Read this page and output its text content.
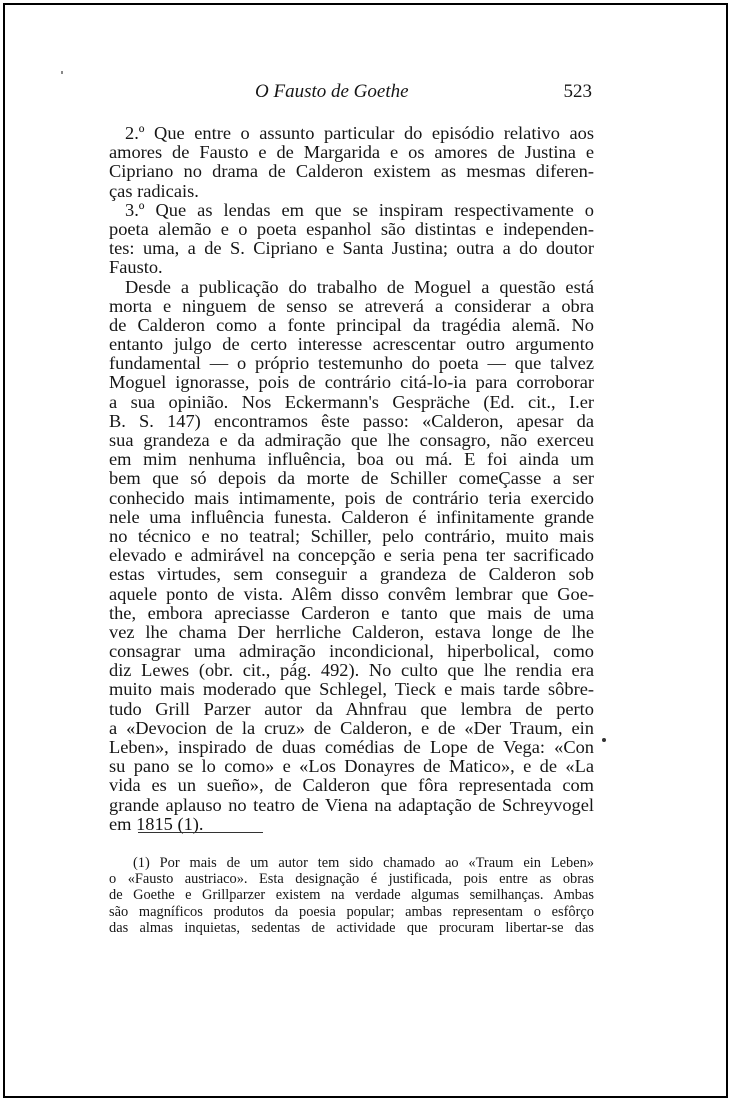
O Fausto de Goethe	523
2.º Que entre o assunto particular do episódio relativo aos
amores de Fausto e de Margarida e os amores de Justina e
Cipriano no drama de Calderon existem as mesmas diferen-
ças radicais.
3.º Que as lendas em que se inspiram respectivamente o
poeta alemão e o poeta espanhol são distintas e independen-
tes: uma, a de S. Cipriano e Santa Justina; outra a do doutor
Fausto.
Desde a publicação do trabalho de Moguel a questão está
morta e ninguem de senso se atreverá a considerar a obra
de Calderon como a fonte principal da tragédia alemã. No
entanto julgo de certo interesse acrescentar outro argumento
fundamental — o próprio testemunho do poeta — que talvez
Moguel ignorasse, pois de contrário citá-lo-ia para corroborar
a sua opinião. Nos Eckermann's Gespräche (Ed. cit., I.er
B. S. 147) encontramos êste passo: «Calderon, apesar da
sua grandeza e da admiração que lhe consagro, não exerceu
em mim nenhuma influência, boa ou má. E foi ainda um
bem que só depois da morte de Schiller comeÇasse a ser
conhecido mais intimamente, pois de contrário teria exercido
nele uma influência funesta. Calderon é infinitamente grande
no técnico e no teatral; Schiller, pelo contrário, muito mais
elevado e admirável na concepção e seria pena ter sacrificado
estas virtudes, sem conseguir a grandeza de Calderon sob
aquele ponto de vista. Alêm disso convêm lembrar que Goe-
the, embora apreciasse Carderon e tanto que mais de uma
vez lhe chama Der herrliche Calderon, estava longe de lhe
consagrar uma admiração incondicional, hiperbolical, como
diz Lewes (obr. cit., pág. 492). No culto que lhe rendia era
muito mais moderado que Schlegel, Tieck e mais tarde sôbre-
tudo Grill Parzer autor da Ahnfrau que lembra de perto
a «Devocion de la cruz» de Calderon, e de «Der Traum, ein
Leben», inspirado de duas comédias de Lope de Vega: «Con
su pano se lo como» e «Los Donayres de Matico», e de «La
vida es un sueño», de Calderon que fôra representada com
grande aplauso no teatro de Viena na adaptação de Schreyvogel
em 1815 (1).
(1) Por mais de um autor tem sido chamado ao «Traum ein Leben»
o «Fausto austriaco». Esta designação é justificada, pois entre as obras
de Goethe e Grillparzer existem na verdade algumas semilhanças. Ambas
são magníficos produtos da poesia popular; ambas representam o esfôrço
das almas inquietas, sedentas de actividade que procuram libertar-se das
